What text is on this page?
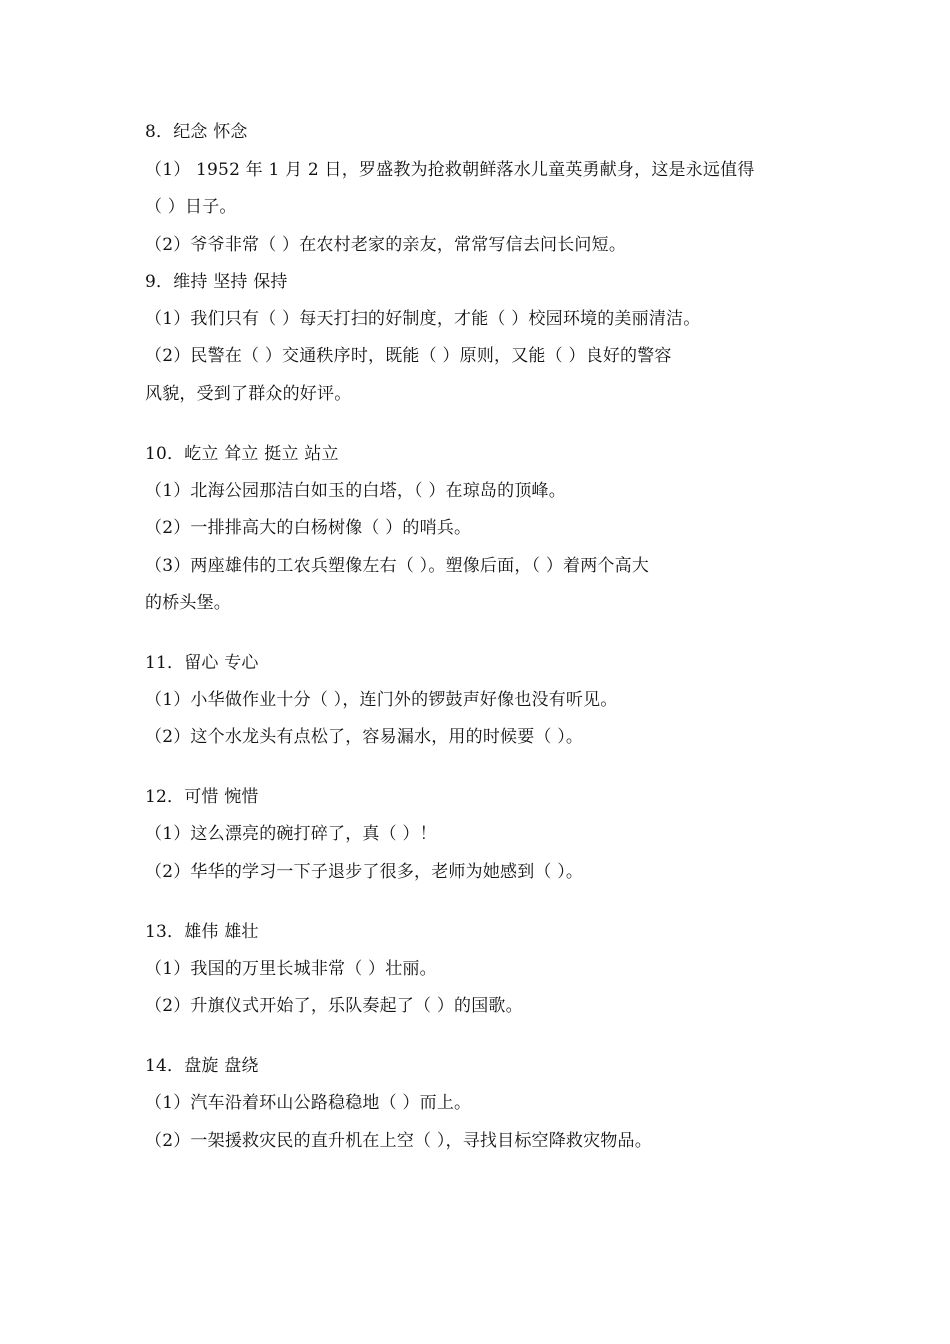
8．纪念 怀念
（1） 1952 年 1 月 2 日，罗盛教为抢救朝鲜落水儿童英勇献身，这是永远值得
（ ）日子。
（2）爷爷非常（ ）在农村老家的亲友，常常写信去问长问短。
9．维持 坚持 保持
（1）我们只有（ ）每天打扫的好制度，才能（ ）校园环境的美丽清洁。
（2）民警在（ ）交通秩序时，既能（ ）原则，又能（ ）良好的警容
风貌，受到了群众的好评。
10．屹立 耸立 挺立 站立
（1）北海公园那洁白如玉的白塔，（ ）在琼岛的顶峰。
（2）一排排高大的白杨树像（ ）的哨兵。
（3）两座雄伟的工农兵塑像左右（ ）。塑像后面，（ ）着两个高大
的桥头堡。
11．留心 专心
（1）小华做作业十分（ ），连门外的锣鼓声好像也没有听见。
（2）这个水龙头有点松了，容易漏水，用的时候要（ ）。
12．可惜 惋惜
（1）这么漂亮的碗打碎了，真（ ）！
（2）华华的学习一下子退步了很多，老师为她感到（ ）。
13．雄伟 雄壮
（1）我国的万里长城非常（ ）壮丽。
（2）升旗仪式开始了，乐队奏起了（ ）的国歌。
14．盘旋 盘绕
（1）汽车沿着环山公路稳稳地（ ）而上。
（2）一架援救灾民的直升机在上空（ ），寻找目标空降救灾物品。
